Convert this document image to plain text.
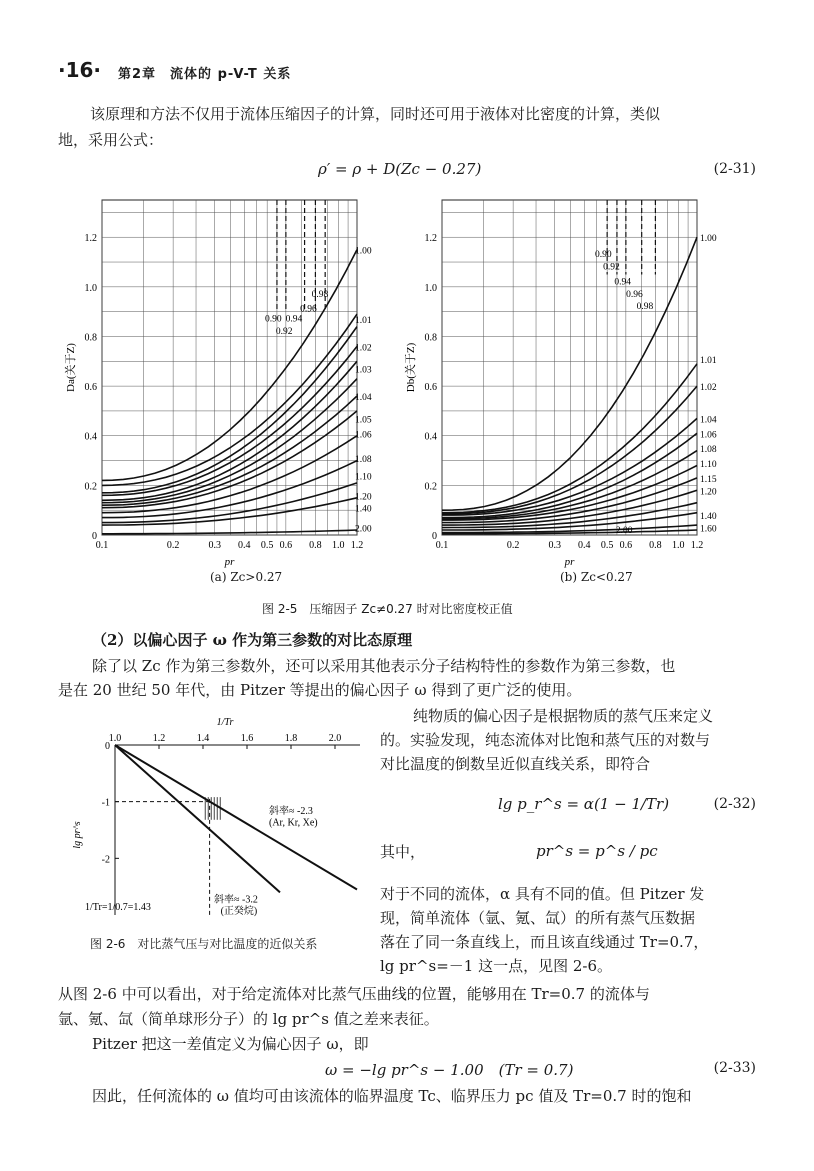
·16· 第2章　流体的 p-V-T 关系
该原理和方法不仅用于流体压缩因子的计算，同时还可用于液体对比密度的计算，类似
地，采用公式：
ρ′ = ρ + D(Zc − 0.27)	(2-31)
0.1	0.2	0.3 0.4 0.5 0.6 0.8 1.0 1.2
0
0.2
0.4
0.6
0.8
1.0
1.2
pr
Da(关于Z)
1.00
1.01
1.02
1.03
1.04
1.05
1.06
1.08
1.10
1.20
1.40
2.00
0.90
0.92
0.94
0.96
0.98
0.1	0.2	0.3 0.4 0.5 0.6 0.8 1.0 1.2
0
0.2
0.4
0.6
0.8
1.0
1.2
pr
Db(关于Z)
1.00
1.01
1.02
1.04
1.06
1.08
1.10
1.15
1.20
1.40
1.60
2.00
0.90
0.92
0.94
0.96
0.98
(a) Zc>0.27	(b) Zc<0.27
图 2-5　压缩因子 Zc≠0.27 时对比密度校正值
（2）以偏心因子 ω 作为第三参数的对比态原理
除了以 Zc 作为第三参数外，还可以采用其他表示分子结构特性的参数作为第三参数，也
是在 20 世纪 50 年代，由 Pitzer 等提出的偏心因子 ω 得到了更广泛的使用。
1/Tr
1.0	1.2	1.4	1.6	1.8	2.0
0
-1
-2
lg pr^s
斜率≈ -2.3
(Ar, Kr, Xe)
斜率≈ -3.2
(正癸烷)
1/Tr=1/0.7=1.43
图 2-6　对比蒸气压与对比温度的近似关系
纯物质的偏心因子是根据物质的蒸气压来定义
的。实验发现，纯态流体对比饱和蒸气压的对数与
对比温度的倒数呈近似直线关系，即符合
lg p_r^s = α(1 − 1/Tr)	(2-32)
其中，	pr^s = p^s / pc
对于不同的流体，α 具有不同的值。但 Pitzer 发
现，简单流体（氩、氪、氙）的所有蒸气压数据
落在了同一条直线上，而且该直线通过 Tr=0.7，
lg pr^s=－1 这一点，见图 2-6。
从图 2-6 中可以看出，对于给定流体对比蒸气压曲线的位置，能够用在 Tr=0.7 的流体与
氩、氪、氙（简单球形分子）的 lg pr^s 值之差来表征。
Pitzer 把这一差值定义为偏心因子 ω，即
ω = −lg pr^s − 1.00　(Tr = 0.7)	(2-33)
因此，任何流体的 ω 值均可由该流体的临界温度 Tc、临界压力 pc 值及 Tr=0.7 时的饱和
